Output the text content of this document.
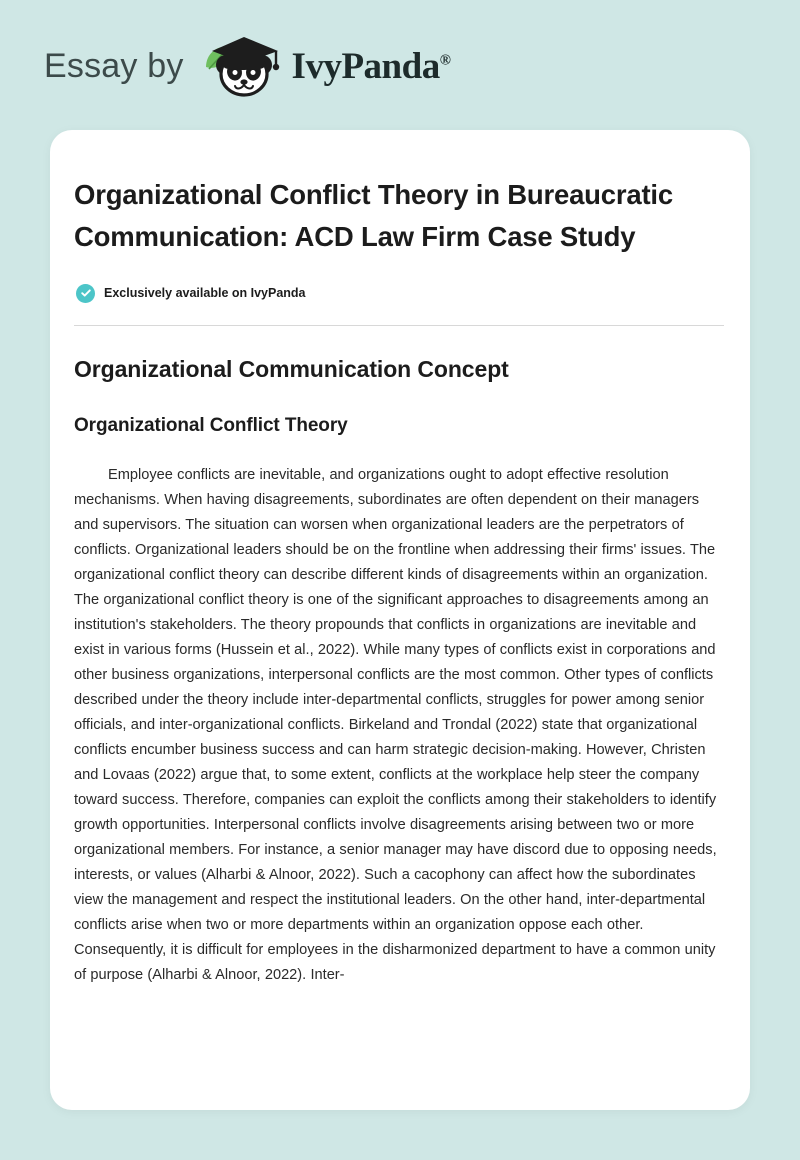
Essay by	IvyPanda®
Organizational Conflict Theory in Bureaucratic Communication: ACD Law Firm Case Study
Exclusively available on IvyPanda
Organizational Communication Concept
Organizational Conflict Theory

Employee conflicts are inevitable, and organizations ought to adopt effective resolution mechanisms. When having disagreements, subordinates are often dependent on their managers and supervisors. The situation can worsen when organizational leaders are the perpetrators of conflicts. Organizational leaders should be on the frontline when addressing their firms' issues. The organizational conflict theory can describe different kinds of disagreements within an organization. The organizational conflict theory is one of the significant approaches to disagreements among an institution's stakeholders. The theory propounds that conflicts in organizations are inevitable and exist in various forms (Hussein et al., 2022). While many types of conflicts exist in corporations and other business organizations, interpersonal conflicts are the most common. Other types of conflicts described under the theory include inter-departmental conflicts, struggles for power among senior officials, and inter-organizational conflicts. Birkeland and Trondal (2022) state that organizational conflicts encumber business success and can harm strategic decision-making. However, Christen and Lovaas (2022) argue that, to some extent, conflicts at the workplace help steer the company toward success. Therefore, companies can exploit the conflicts among their stakeholders to identify growth opportunities. Interpersonal conflicts involve disagreements arising between two or more organizational members. For instance, a senior manager may have discord due to opposing needs, interests, or values (Alharbi & Alnoor, 2022). Such a cacophony can affect how the subordinates view the management and respect the institutional leaders. On the other hand, inter-departmental conflicts arise when two or more departments within an organization oppose each other. Consequently, it is difficult for employees in the disharmonized department to have a common unity of purpose (Alharbi & Alnoor, 2022). Inter-
